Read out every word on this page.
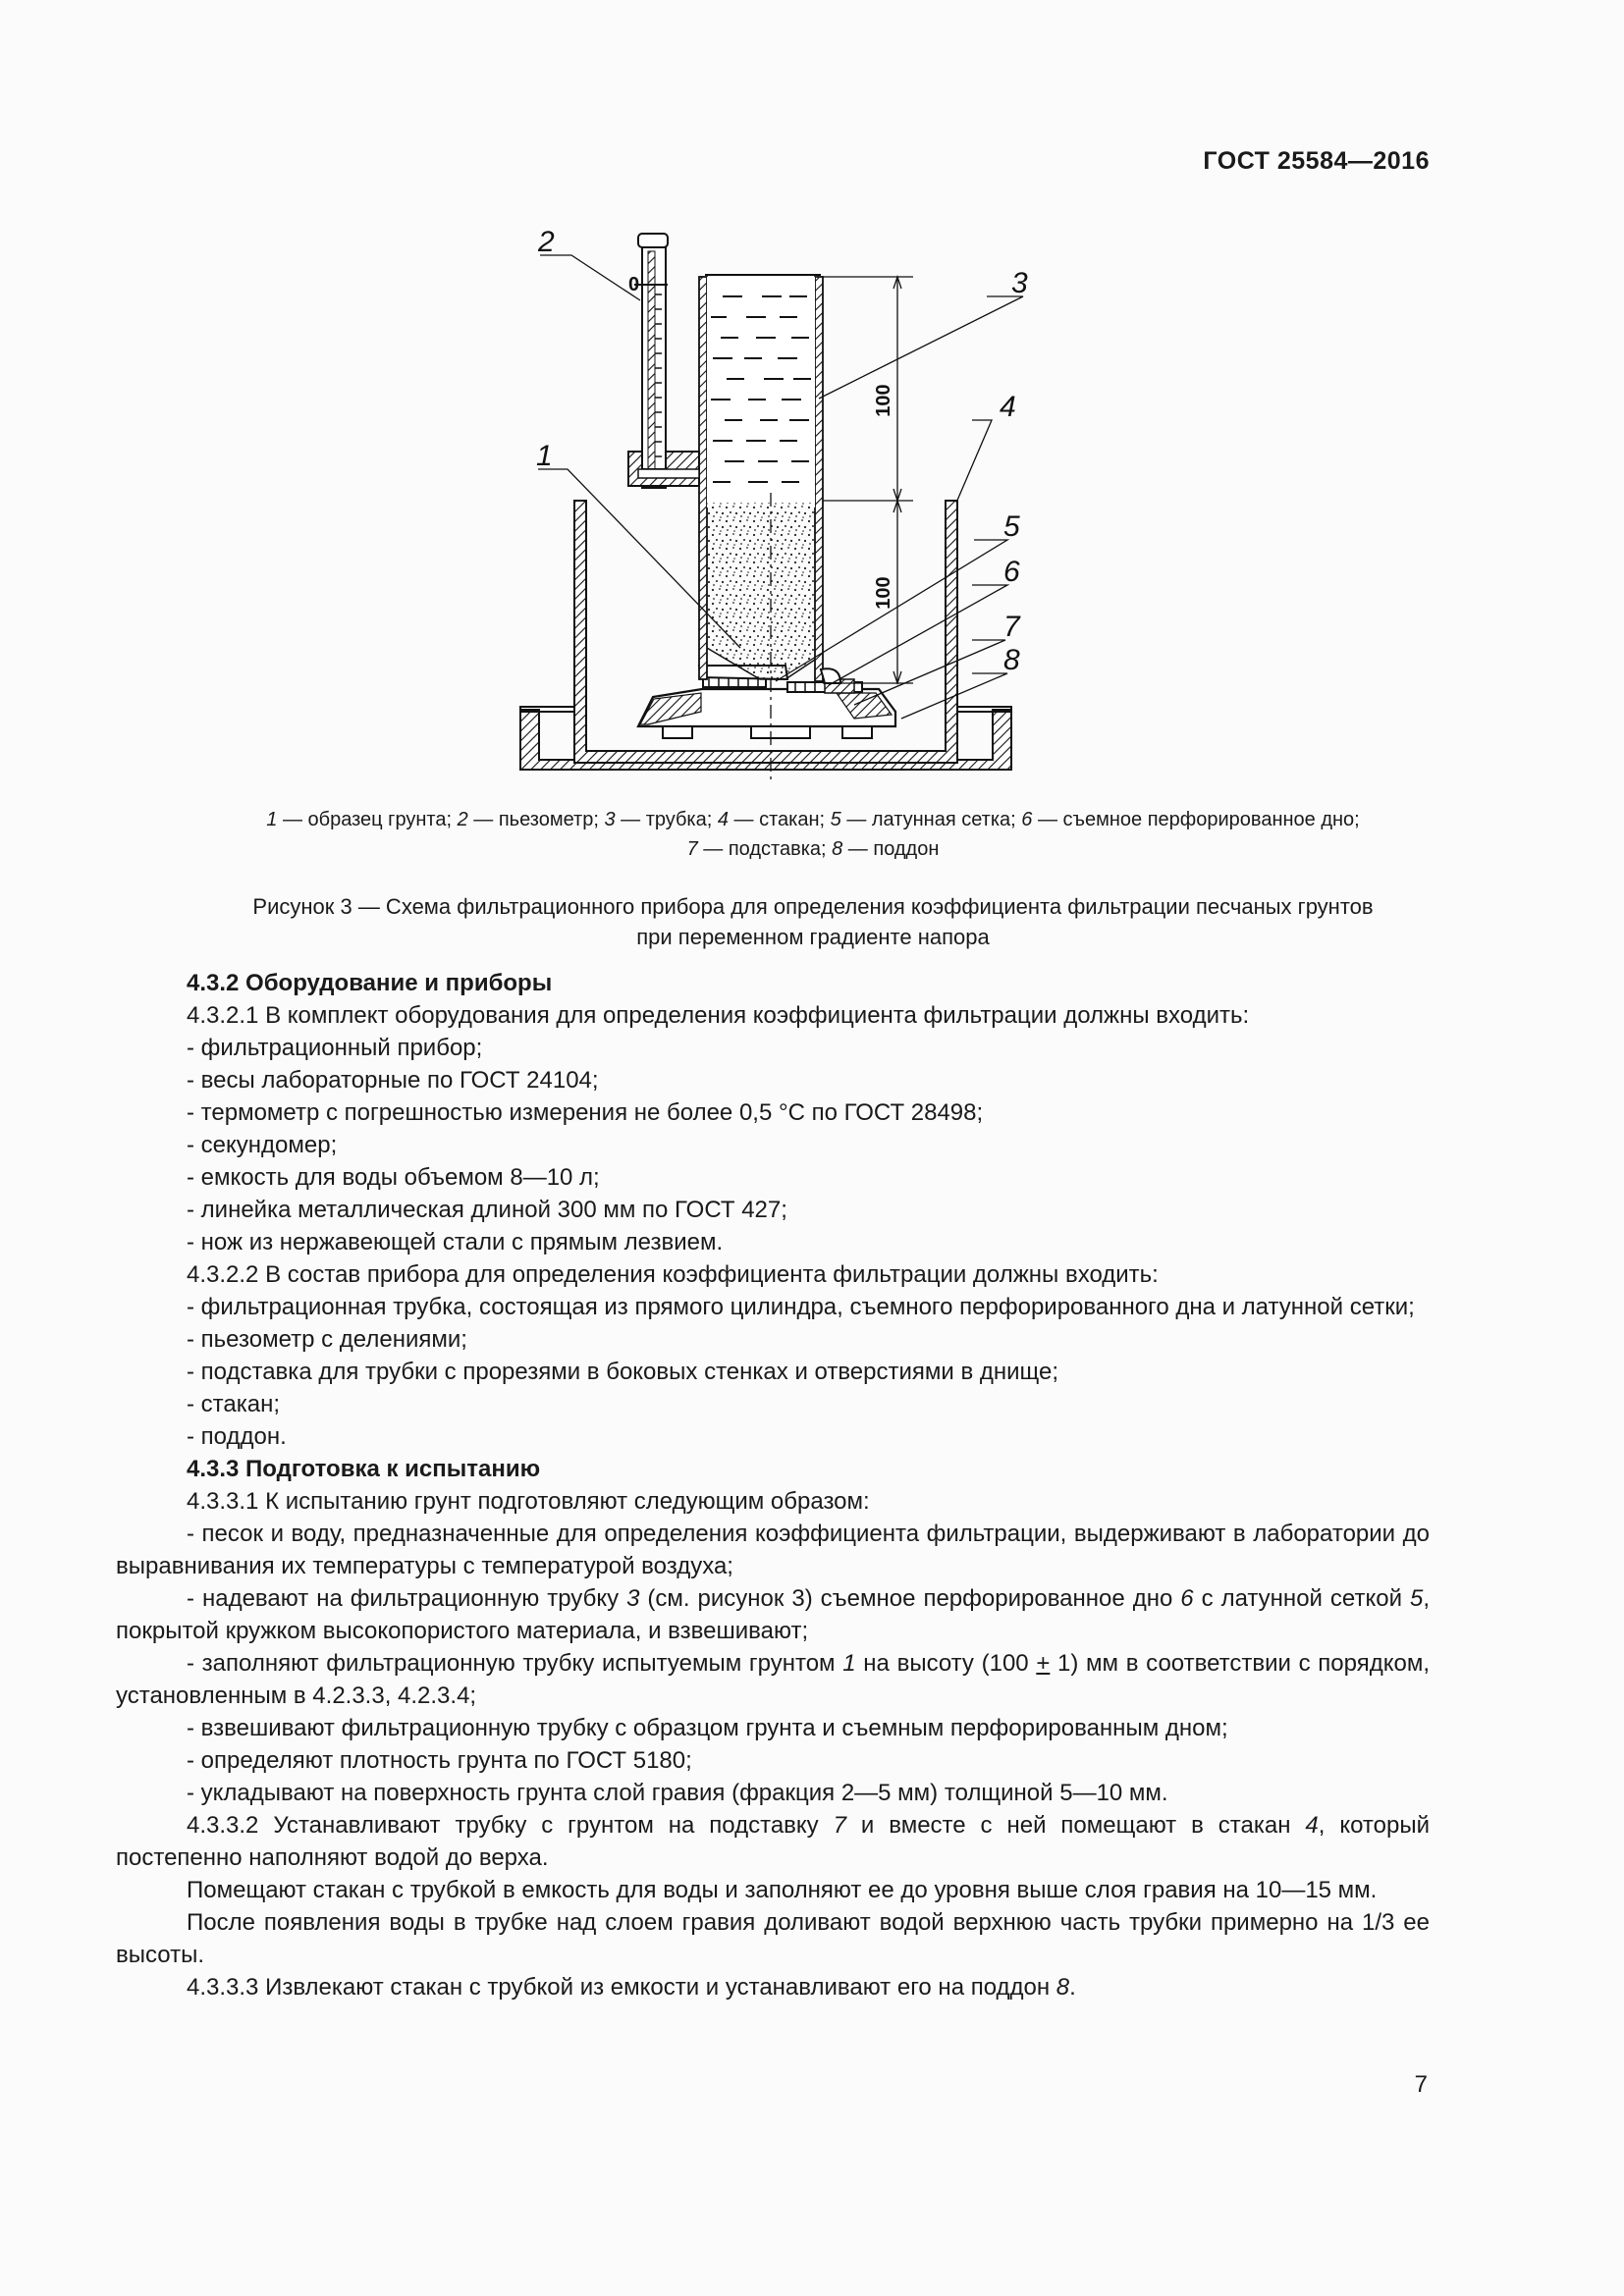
ГОСТ 25584—2016
2
1
3
4
5
6
7
8
0
100
100
1 — образец грунта; 2 — пьезометр; 3 — трубка; 4 — стакан; 5 — латунная сетка; 6 — съемное перфорированное дно;
7 — подставка; 8 — поддон
Рисунок 3 — Схема фильтрационного прибора для определения коэффициента фильтрации песчаных грунтов
при переменном градиенте напора

4.3.2 Оборудование и приборы

4.3.2.1 В комплект оборудования для определения коэффициента фильтрации должны входить:

- фильтрационный прибор;

- весы лабораторные по ГОСТ 24104;

- термометр с погрешностью измерения не более 0,5 °С по ГОСТ 28498;

- секундомер;

- емкость для воды объемом 8—10 л;

- линейка металлическая длиной 300 мм по ГОСТ 427;

- нож из нержавеющей стали с прямым лезвием.

4.3.2.2 В состав прибора для определения коэффициента фильтрации должны входить:

- фильтрационная трубка, состоящая из прямого цилиндра, съемного перфорированного дна и латунной сетки;

- пьезометр с делениями;

- подставка для трубки с прорезями в боковых стенках и отверстиями в днище;

- стакан;

- поддон.

4.3.3 Подготовка к испытанию

4.3.3.1 К испытанию грунт подготовляют следующим образом:

- песок и воду, предназначенные для определения коэффициента фильтрации, выдерживают в лаборатории до выравнивания их температуры с температурой воздуха;

- надевают на фильтрационную трубку 3 (см. рисунок 3) съемное перфорированное дно 6 с латунной сеткой 5, покрытой кружком высокопористого материала, и взвешивают;

- заполняют фильтрационную трубку испытуемым грунтом 1 на высоту (100 + 1) мм в соответствии с порядком, установленным в 4.2.3.3, 4.2.3.4;

- взвешивают фильтрационную трубку с образцом грунта и съемным перфорированным дном;

- определяют плотность грунта по ГОСТ 5180;

- укладывают на поверхность грунта слой гравия (фракция 2—5 мм) толщиной 5—10 мм.

4.3.3.2 Устанавливают трубку с грунтом на подставку 7 и вместе с ней помещают в стакан 4, который постепенно наполняют водой до верха.

Помещают стакан с трубкой в емкость для воды и заполняют ее до уровня выше слоя гравия на 10—15 мм.

После появления воды в трубке над слоем гравия доливают водой верхнюю часть трубки примерно на 1/3 ее высоты.

4.3.3.3 Извлекают стакан с трубкой из емкости и устанавливают его на поддон 8.

7
